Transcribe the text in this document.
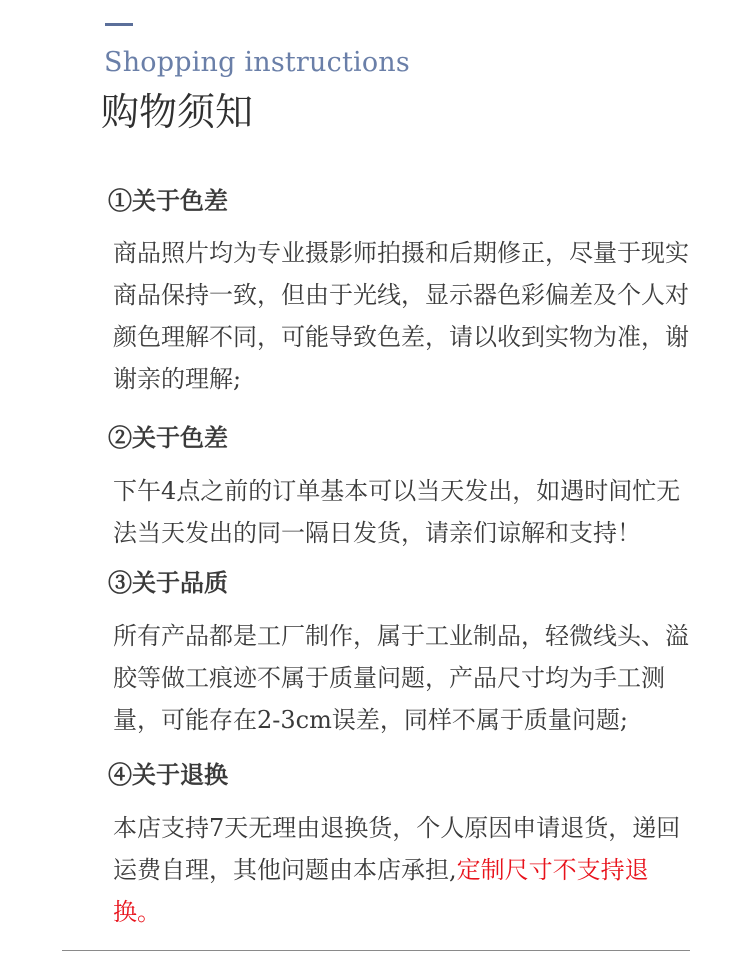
Shopping instructions
购物须知
①关于色差
商品照片均为专业摄影师拍摄和后期修正，尽量于现实商品保持一致，但由于光线，显示器色彩偏差及个人对颜色理解不同，可能导致色差，请以收到实物为准，谢谢亲的理解;
②关于色差
下午4点之前的订单基本可以当天发出，如遇时间忙无法当天发出的同一隔日发货，请亲们谅解和支持！
③关于品质
所有产品都是工厂制作，属于工业制品，轻微线头、溢胶等做工痕迹不属于质量问题，产品尺寸均为手工测量，可能存在2-3cm误差，同样不属于质量问题;
④关于退换
本店支持7天无理由退换货，个人原因申请退货，递回运费自理，其他问题由本店承担,定制尺寸不支持退换。
